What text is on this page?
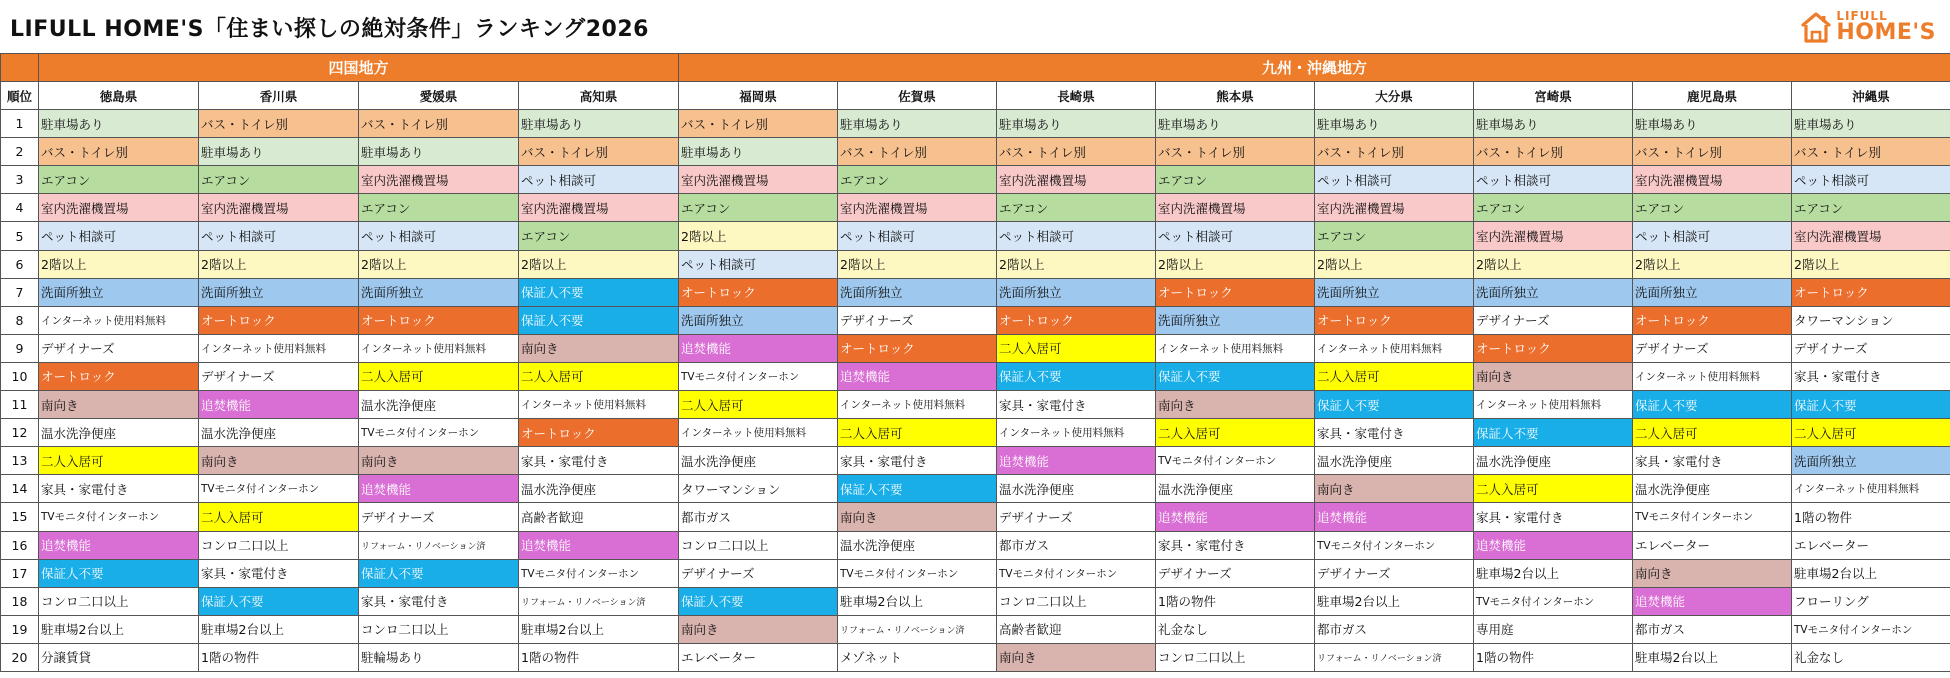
LIFULL HOME'S「住まい探しの絶対条件」ランキング2026
LIFULL
HOME'S
	四国地方				九州・沖縄地方							
順位	徳島県	香川県	愛媛県	高知県	福岡県	佐賀県	長崎県	熊本県	大分県	宮崎県	鹿児島県	沖縄県
1	駐車場あり	バス・トイレ別	バス・トイレ別	駐車場あり	バス・トイレ別	駐車場あり	駐車場あり	駐車場あり	駐車場あり	駐車場あり	駐車場あり	駐車場あり
2	バス・トイレ別	駐車場あり	駐車場あり	バス・トイレ別	駐車場あり	バス・トイレ別	バス・トイレ別	バス・トイレ別	バス・トイレ別	バス・トイレ別	バス・トイレ別	バス・トイレ別
3	エアコン	エアコン	室内洗濯機置場	ペット相談可	室内洗濯機置場	エアコン	室内洗濯機置場	エアコン	ペット相談可	ペット相談可	室内洗濯機置場	ペット相談可
4	室内洗濯機置場	室内洗濯機置場	エアコン	室内洗濯機置場	エアコン	室内洗濯機置場	エアコン	室内洗濯機置場	室内洗濯機置場	エアコン	エアコン	エアコン
5	ペット相談可	ペット相談可	ペット相談可	エアコン	2階以上	ペット相談可	ペット相談可	ペット相談可	エアコン	室内洗濯機置場	ペット相談可	室内洗濯機置場
6	2階以上	2階以上	2階以上	2階以上	ペット相談可	2階以上	2階以上	2階以上	2階以上	2階以上	2階以上	2階以上
7	洗面所独立	洗面所独立	洗面所独立	保証人不要	オートロック	洗面所独立	洗面所独立	オートロック	洗面所独立	洗面所独立	洗面所独立	オートロック
8	インターネット使用料無料	オートロック	オートロック	保証人不要	洗面所独立	デザイナーズ	オートロック	洗面所独立	オートロック	デザイナーズ	オートロック	タワーマンション
9	デザイナーズ	インターネット使用料無料	インターネット使用料無料	南向き	追焚機能	オートロック	二人入居可	インターネット使用料無料	インターネット使用料無料	オートロック	デザイナーズ	デザイナーズ
10	オートロック	デザイナーズ	二人入居可	二人入居可	TVモニタ付インターホン	追焚機能	保証人不要	保証人不要	二人入居可	南向き	インターネット使用料無料	家具・家電付き
11	南向き	追焚機能	温水洗浄便座	インターネット使用料無料	二人入居可	インターネット使用料無料	家具・家電付き	南向き	保証人不要	インターネット使用料無料	保証人不要	保証人不要
12	温水洗浄便座	温水洗浄便座	TVモニタ付インターホン	オートロック	インターネット使用料無料	二人入居可	インターネット使用料無料	二人入居可	家具・家電付き	保証人不要	二人入居可	二人入居可
13	二人入居可	南向き	南向き	家具・家電付き	温水洗浄便座	家具・家電付き	追焚機能	TVモニタ付インターホン	温水洗浄便座	温水洗浄便座	家具・家電付き	洗面所独立
14	家具・家電付き	TVモニタ付インターホン	追焚機能	温水洗浄便座	タワーマンション	保証人不要	温水洗浄便座	温水洗浄便座	南向き	二人入居可	温水洗浄便座	インターネット使用料無料
15	TVモニタ付インターホン	二人入居可	デザイナーズ	高齢者歓迎	都市ガス	南向き	デザイナーズ	追焚機能	追焚機能	家具・家電付き	TVモニタ付インターホン	1階の物件
16	追焚機能	コンロ二口以上	リフォーム・リノベーション済	追焚機能	コンロ二口以上	温水洗浄便座	都市ガス	家具・家電付き	TVモニタ付インターホン	追焚機能	エレベーター	エレベーター
17	保証人不要	家具・家電付き	保証人不要	TVモニタ付インターホン	デザイナーズ	TVモニタ付インターホン	TVモニタ付インターホン	デザイナーズ	デザイナーズ	駐車場2台以上	南向き	駐車場2台以上
18	コンロ二口以上	保証人不要	家具・家電付き	リフォーム・リノベーション済	保証人不要	駐車場2台以上	コンロ二口以上	1階の物件	駐車場2台以上	TVモニタ付インターホン	追焚機能	フローリング
19	駐車場2台以上	駐車場2台以上	コンロ二口以上	駐車場2台以上	南向き	リフォーム・リノベーション済	高齢者歓迎	礼金なし	都市ガス	専用庭	都市ガス	TVモニタ付インターホン
20	分譲賃貸	1階の物件	駐輪場あり	1階の物件	エレベーター	メゾネット	南向き	コンロ二口以上	リフォーム・リノベーション済	1階の物件	駐車場2台以上	礼金なし
